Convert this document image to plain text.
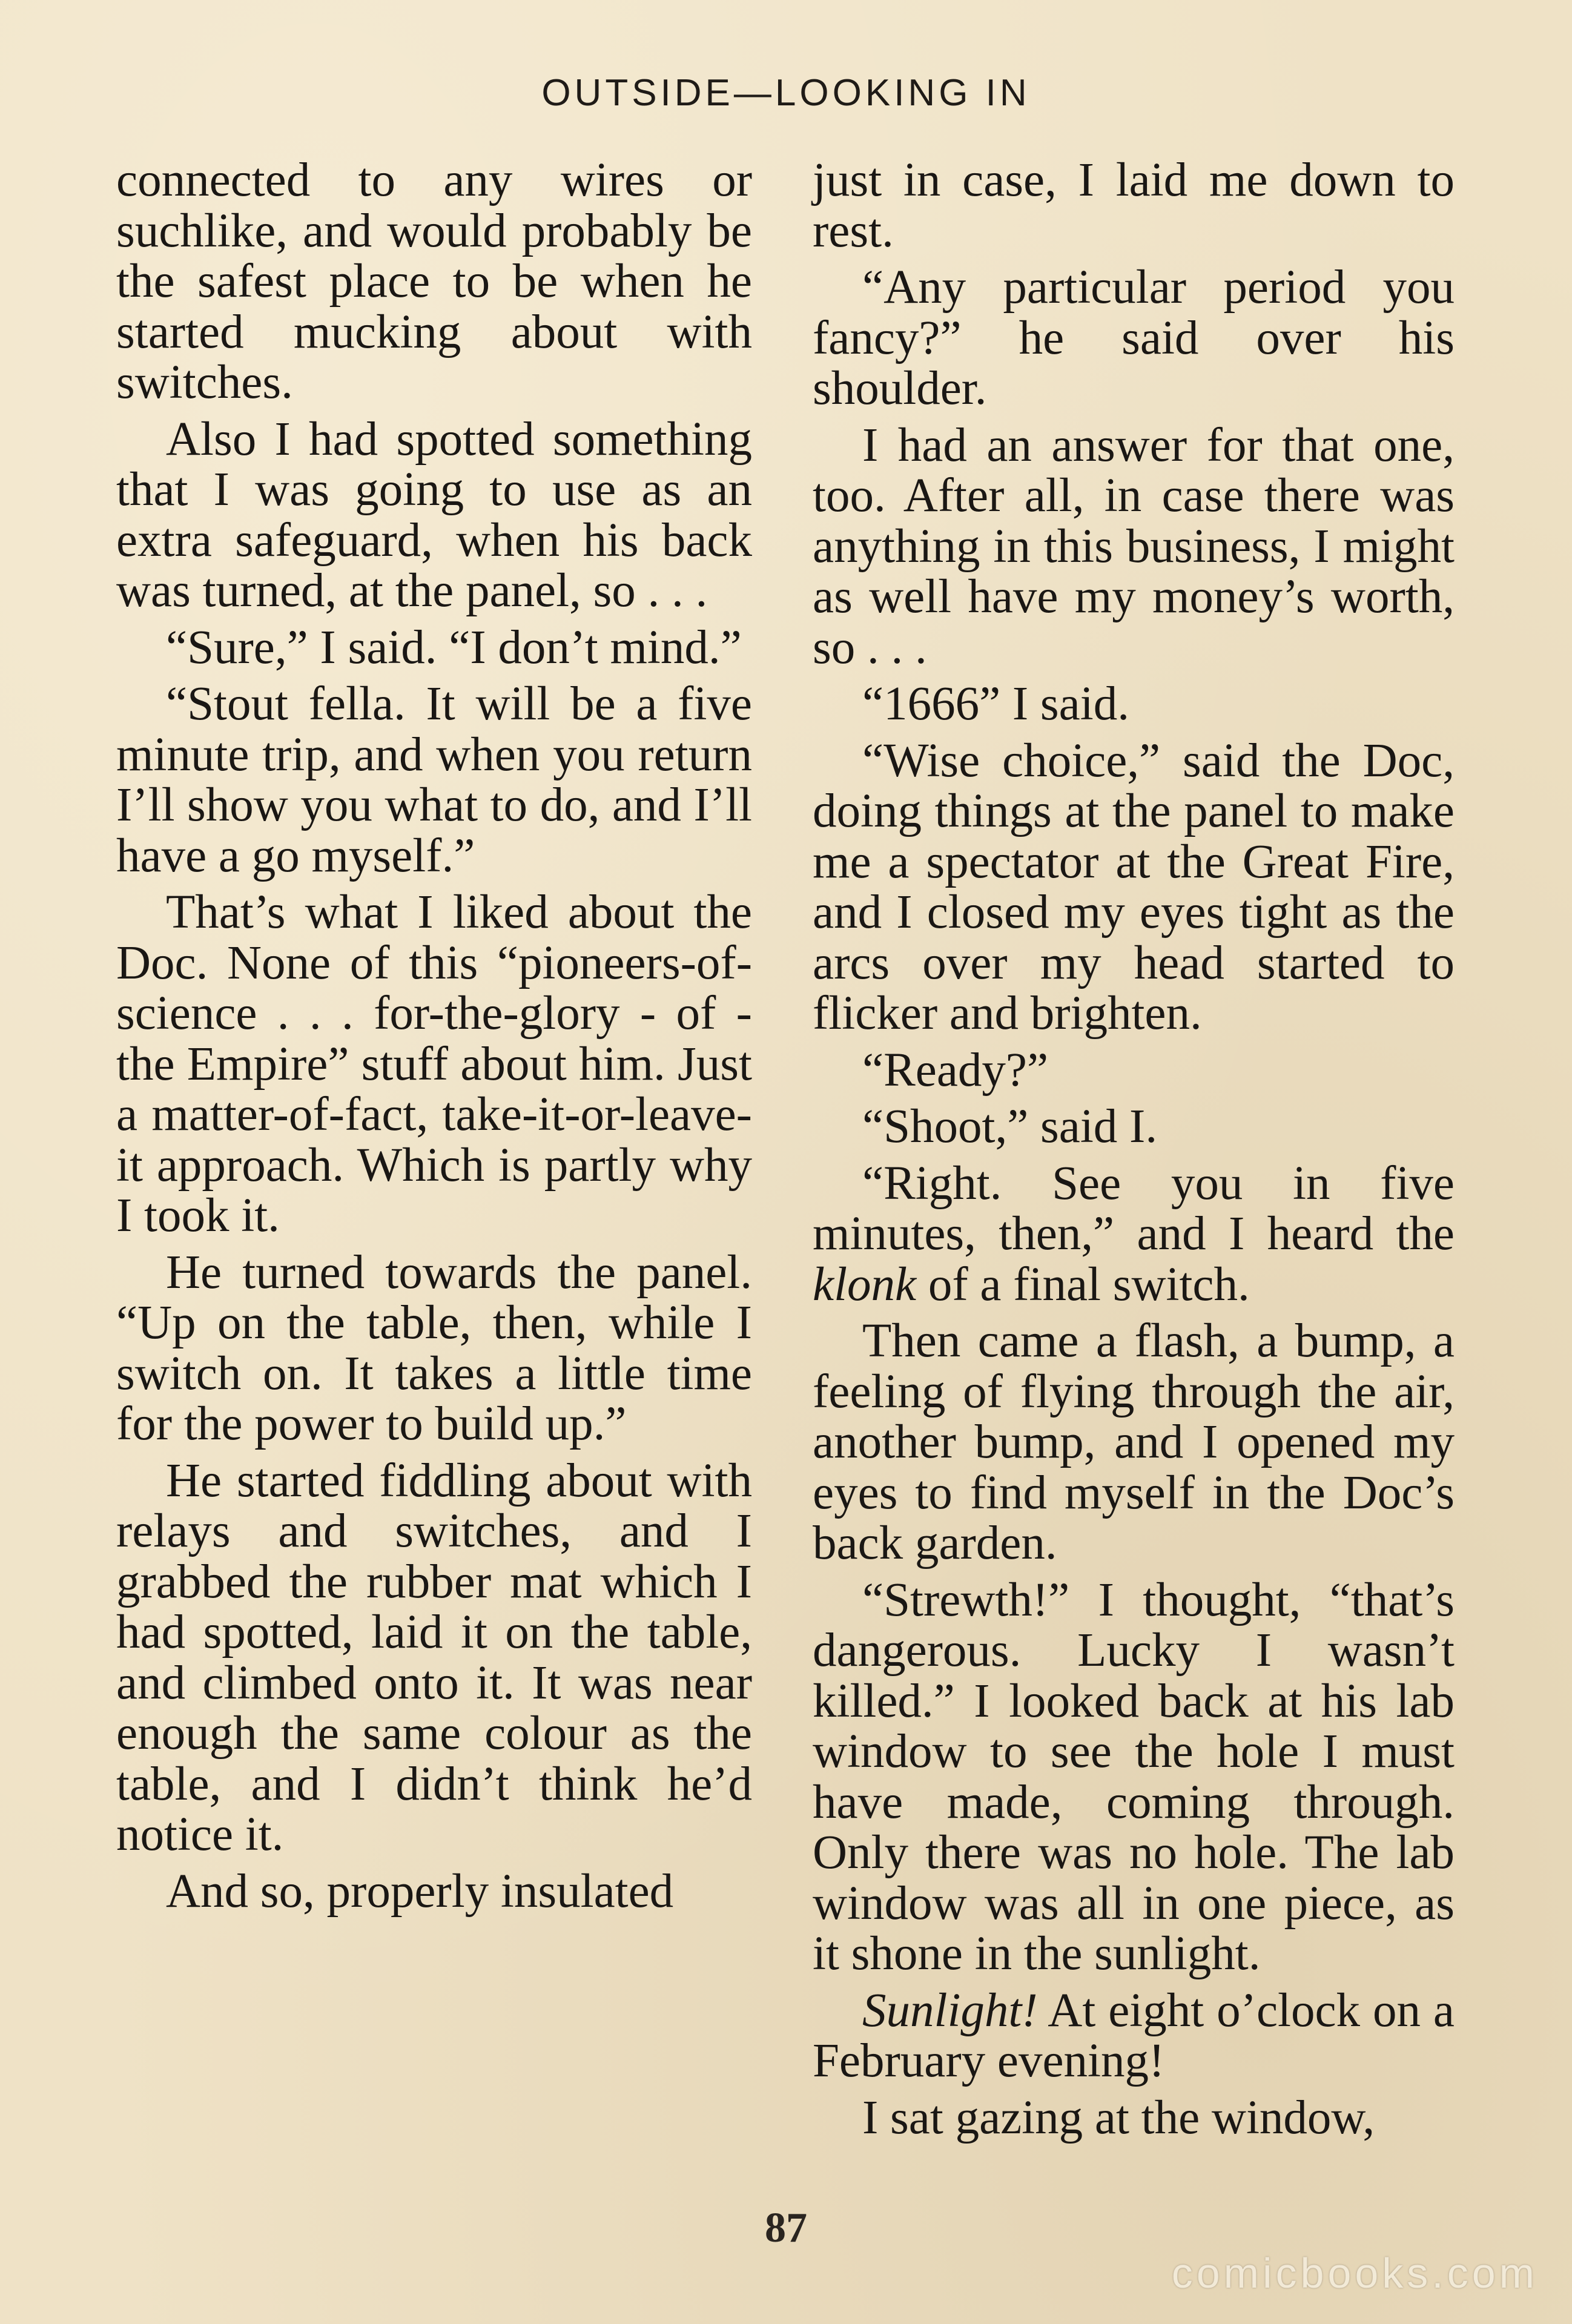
OUTSIDE—LOOKING IN

connected to any wires or suchlike, and would probably be the safest place to be when he started mucking about with switches.

Also I had spotted something that I was going to use as an extra safeguard, when his back was turned, at the panel, so . . .

“Sure,” I said. “I don’t mind.”

“Stout fella. It will be a five minute trip, and when you return I’ll show you what to do, and I’ll have a go myself.”

That’s what I liked about the Doc. None of this “pioneers-of-science . . . for-the-glory - of - the Empire” stuff about him. Just a matter-of-fact, take-it-or-leave-it approach. Which is partly why I took it.

He turned towards the panel. “Up on the table, then, while I switch on. It takes a little time for the power to build up.”

He started fiddling about with relays and switches, and I grabbed the rubber mat which I had spotted, laid it on the table, and climbed onto it. It was near enough the same colour as the table, and I didn’t think he’d notice it.

And so, properly insulated

just in case, I laid me down to rest.

“Any particular period you fancy?” he said over his shoulder.

I had an answer for that one, too. After all, in case there was anything in this business, I might as well have my money’s worth, so . . .

“1666” I said.

“Wise choice,” said the Doc, doing things at the panel to make me a spectator at the Great Fire, and I closed my eyes tight as the arcs over my head started to flicker and brighten.

“Ready?”

“Shoot,” said I.

“Right. See you in five minutes, then,” and I heard the klonk of a final switch.

Then came a flash, a bump, a feeling of flying through the air, another bump, and I opened my eyes to find myself in the Doc’s back garden.

“Strewth!” I thought, “that’s dangerous. Lucky I wasn’t killed.” I looked back at his lab window to see the hole I must have made, coming through. Only there was no hole. The lab window was all in one piece, as it shone in the sunlight.

Sunlight! At eight o’clock on a February evening!

I sat gazing at the window,

87
comicbooks.com
